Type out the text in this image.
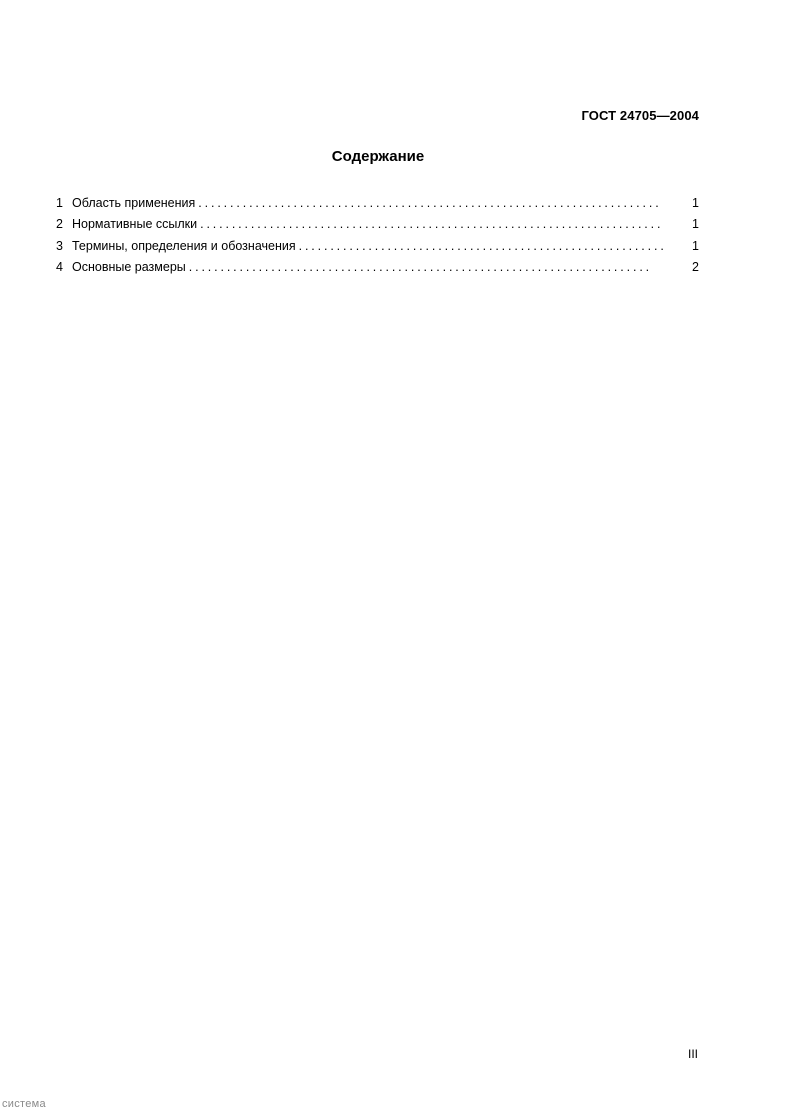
ГОСТ 24705—2004
Содержание
1 Область применения . . .	1
2 Нормативные ссылки . . .	1
3 Термины, определения и обозначения . . .	1
4 Основные размеры . . .	2
III
система
